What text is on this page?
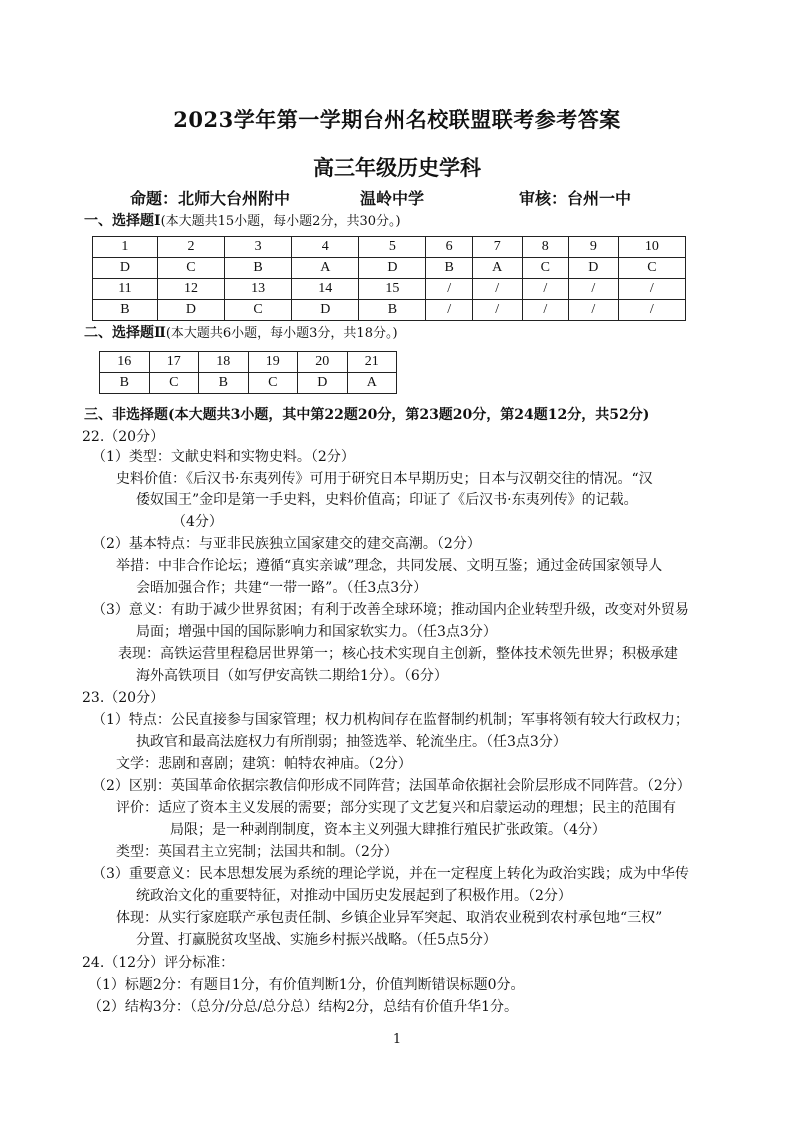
2023学年第一学期台州名校联盟联考参考答案
高三年级历史学科
命题：北师大台州附中	温岭中学	审核：台州一中
一、选择题Ⅰ(本大题共15小题，每小题2分，共30分。)
1	2	3	4	5	6	7	8	9	10
D	C	B	A	D	B	A	C	D	C
11	12	13	14	15	/	/	/	/	/
B	D	C	D	B	/	/	/	/	/
二、选择题Ⅱ(本大题共6小题，每小题3分，共18分。)
16	17	18	19	20	21
B	C	B	C	D	A
三、非选择题(本大题共3小题，其中第22题20分，第23题20分，第24题12分，共52分)
22.（20分）
（1）类型：文献史料和实物史料。（2分）
史料价值：《后汉书·东夷列传》可用于研究日本早期历史；日本与汉朝交往的情况。“汉
倭奴国王”金印是第一手史料，史料价值高；印证了《后汉书·东夷列传》的记载。
（4分）
（2）基本特点：与亚非民族独立国家建交的建交高潮。（2分）
举措：中非合作论坛；遵循“真实亲诚”理念，共同发展、文明互鉴；通过金砖国家领导人
会晤加强合作；共建“一带一路”。（任3点3分）
（3）意义：有助于减少世界贫困；有利于改善全球环境；推动国内企业转型升级，改变对外贸易
局面；增强中国的国际影响力和国家软实力。（任3点3分）
表现：高铁运营里程稳居世界第一；核心技术实现自主创新，整体技术领先世界；积极承建
海外高铁项目（如写伊安高铁二期给1分）。（6分）
23.（20分）
（1）特点：公民直接参与国家管理；权力机构间存在监督制约机制；军事将领有较大行政权力；
执政官和最高法庭权力有所削弱；抽签选举、轮流坐庄。（任3点3分）
文学：悲剧和喜剧；建筑：帕特农神庙。（2分）
（2）区别：英国革命依据宗教信仰形成不同阵营；法国革命依据社会阶层形成不同阵营。（2分）
评价：适应了资本主义发展的需要；部分实现了文艺复兴和启蒙运动的理想；民主的范围有
局限；是一种剥削制度，资本主义列强大肆推行殖民扩张政策。（4分）
类型：英国君主立宪制；法国共和制。（2分）
（3）重要意义：民本思想发展为系统的理论学说，并在一定程度上转化为政治实践；成为中华传
统政治文化的重要特征，对推动中国历史发展起到了积极作用。（2分）
体现：从实行家庭联产承包责任制、乡镇企业异军突起、取消农业税到农村承包地“三权”
分置、打赢脱贫攻坚战、实施乡村振兴战略。（任5点5分）
24.（12分）评分标准：
（1）标题2分：有题目1分，有价值判断1分，价值判断错误标题0分。
（2）结构3分：（总分/分总/总分总）结构2分，总结有价值升华1分。
1
